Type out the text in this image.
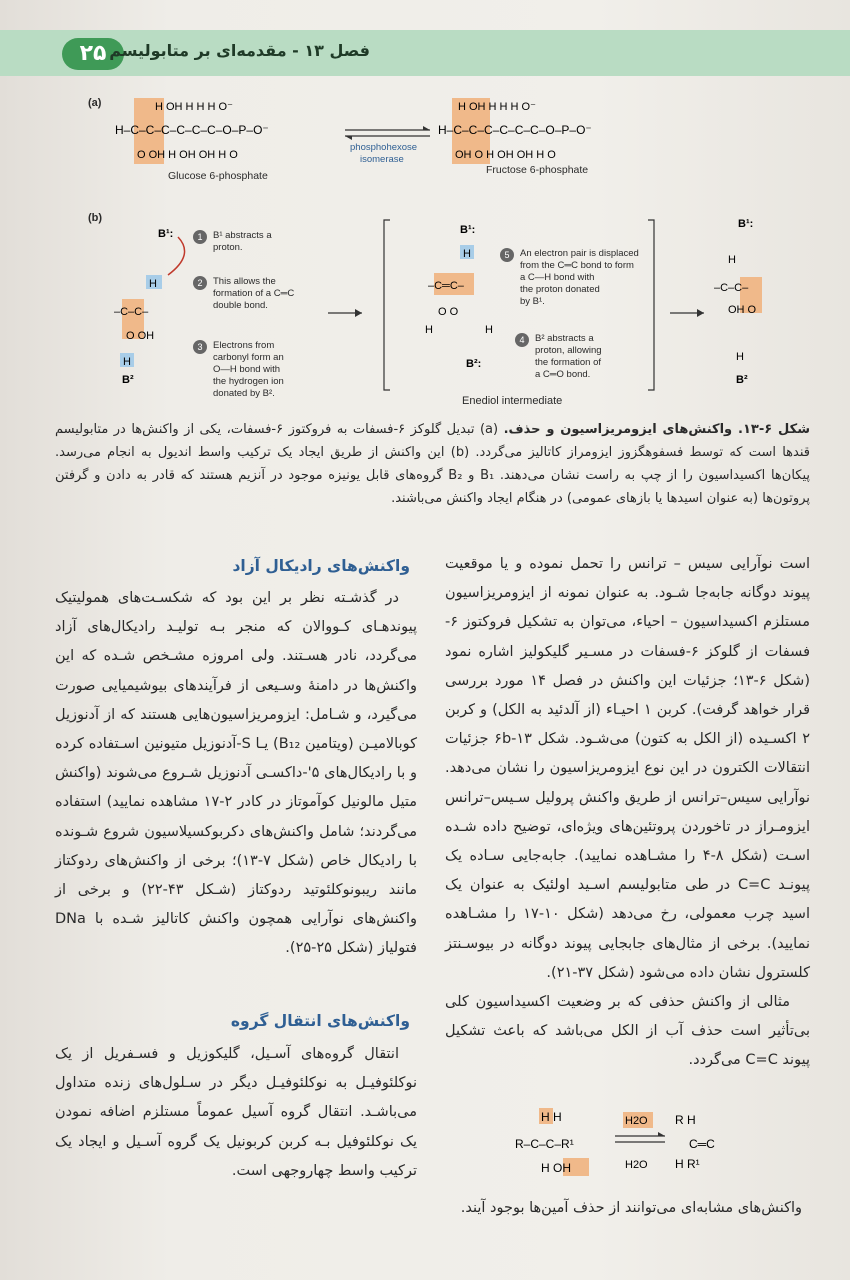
۲۵ فصل ۱۳ - مقدمه‌ای بر متابولیسم
(a)
(b)
H–C–C–C–C–C–C–O–P–O⁻
H OH H H H O⁻
O OH H OH OH H O
phosphohexose
isomerase
H–C–C–C–C–C–C–O–P–O⁻
H OH H H H O⁻
OH O H OH OH H O
Glucose 6-phosphate	Fructose 6-phosphate
B¹:
H
–C–C–
O OH
H
B²
B¹:
H
–C═C–
O O
H	H
B²:
B¹:
H
–C–C–
OH O
H
B²
1	B¹ abstracts a
proton.
2	This allows the
formation of a C═C
double bond.
3	Electrons from
carbonyl form an
O—H bond with
the hydrogen ion
donated by B².
5	An electron pair is displaced
from the C═C bond to form
a C—H bond with
the proton donated
by B¹.
4	B² abstracts a
proton, allowing
the formation of
a C═O bond.
Enediol intermediate
شکل ۶-۱۳. واکنش‌های ایزومریزاسیون و حذف. (a) تبدیل گلوکز ۶-فسفات به فروکتوز ۶-فسفات، یکی از واکنش‌ها در متابولیسم قندها است که توسط فسفوهگزوز ایزومراز کاتالیز می‌گردد. (b) این واکنش از طریق ایجاد یک ترکیب واسط اندیول به انجام می‌رسد. پیکان‌ها اکسیداسیون را از چپ به راست نشان می‌دهند. B₁ و B₂ گروه‌های قابل یونیزه موجود در آنزیم هستند که قادر به دادن و گرفتن پروتون‌ها (به عنوان اسیدها یا بازهای عمومی) در هنگام ایجاد واکنش می‌باشند.

است نوآرایی سیس – ترانس را تحمل نموده و یا موقعیت پیوند دوگانه جابه‌جا شـود. به عنوان نمونه از ایزومریزاسیون مستلزم اکسیداسیون – احیاء، می‌توان به تشکیل فروکتوز ۶-فسفات از گلوکز ۶-فسفات در مسـیر گلیکولیز اشاره نمود (شکل ۶-۱۳؛ جزئیات این واکنش در فصل ۱۴ مورد بررسی قرار خواهد گرفت). کربن ۱ احیـاء (از آلدئید به الکل) و کربن ۲ اکسـیده (از الکل به کتون) می‌شـود. شکل ۶b-۱۳ جزئیات انتقالات الکترون در این نوع ایزومریزاسیون را نشان می‌دهد. نوآرایی سیس–ترانس از طریق واکنش پرولیل سـیس–ترانس ایزومـراز در تاخوردن پروتئین‌های ویژه‌ای، توضیح داده شـده اسـت (شکل ۸-۴ را مشـاهده نمایید). جابه‌جایی سـاده یک پیونـد C=C در طی متابولیسم اسـید اولئیک به عنوان یک اسید چرب معمولی، رخ می‌دهد (شکل ۱۰-۱۷ را مشـاهده نمایید). برخی از مثال‌های جابجایی پیوند دوگانه در بیوسـنتز کلسترول نشان داده می‌شود (شکل ۳۷-۲۱).

مثالی از واکنش حذفی که بر وضعیت اکسیداسیون کلی بی‌تأثیر است حذف آب از الکل می‌باشد که باعث تشکیل پیوند C=C می‌گردد.

H H
R–C–C–R¹
H OH
H2O
H2O
R H
C═C
H R¹
واکنش‌های مشابه‌ای می‌توانند از حذف آمین‌ها بوجود آیند.
واکنش‌های رادیکال آزاد
در گذشـته نظر بر این بود که شکسـت‌های همولیتیک پیوندهـای کـووالان که منجر بـه تولیـد رادیکال‌های آزاد می‌گردد، نادر هسـتند. ولی امروزه مشـخص شـده که این واکنش‌ها در دامنهٔ وسـیعی از فرآیندهای بیوشیمیایی صورت می‌گیرد، و شـامل: ایزومریزاسیون‌هایی هستند که از آدنوزیل کوبالامیـن (ویتامین B₁₂) یـا S-آدنوزیل متیونین اسـتفاده کرده و با رادیکال‌های ۵'-داکسـی آدنوزیل شـروع می‌شوند (واکنش متیل مالونیل کوآموتاز در کادر ۲-۱۷ مشاهده نمایید) استفاده می‌گردند؛ شامل واکنش‌های دکربوکسیلاسیون شروع شـونده با رادیکال خاص (شکل ۷-۱۳)؛ برخی از واکنش‌های ردوکتاز مانند ریبونوکلئوتید ردوکتاز (شـکل ۴۳-۲۲) و برخی از واکنش‌های نوآرایی همچون واکنش کاتالیز شـده با DNa فتولیاز (شکل ۲۵-۲۵).
واکنش‌های انتقال گروه
انتقال گروه‌های آسـیل، گلیکوزیل و فسـفریل از یک نوکلئوفیـل به نوکلئوفیـل دیگر در سـلول‌های زنده متداول می‌باشـد. انتقال گروه آسیل عموماً مستلزم اضافه نمودن یک نوکلئوفیل بـه کربن کربونیل یک گروه آسـیل و ایجاد یک ترکیب واسط چهاروجهی است.
